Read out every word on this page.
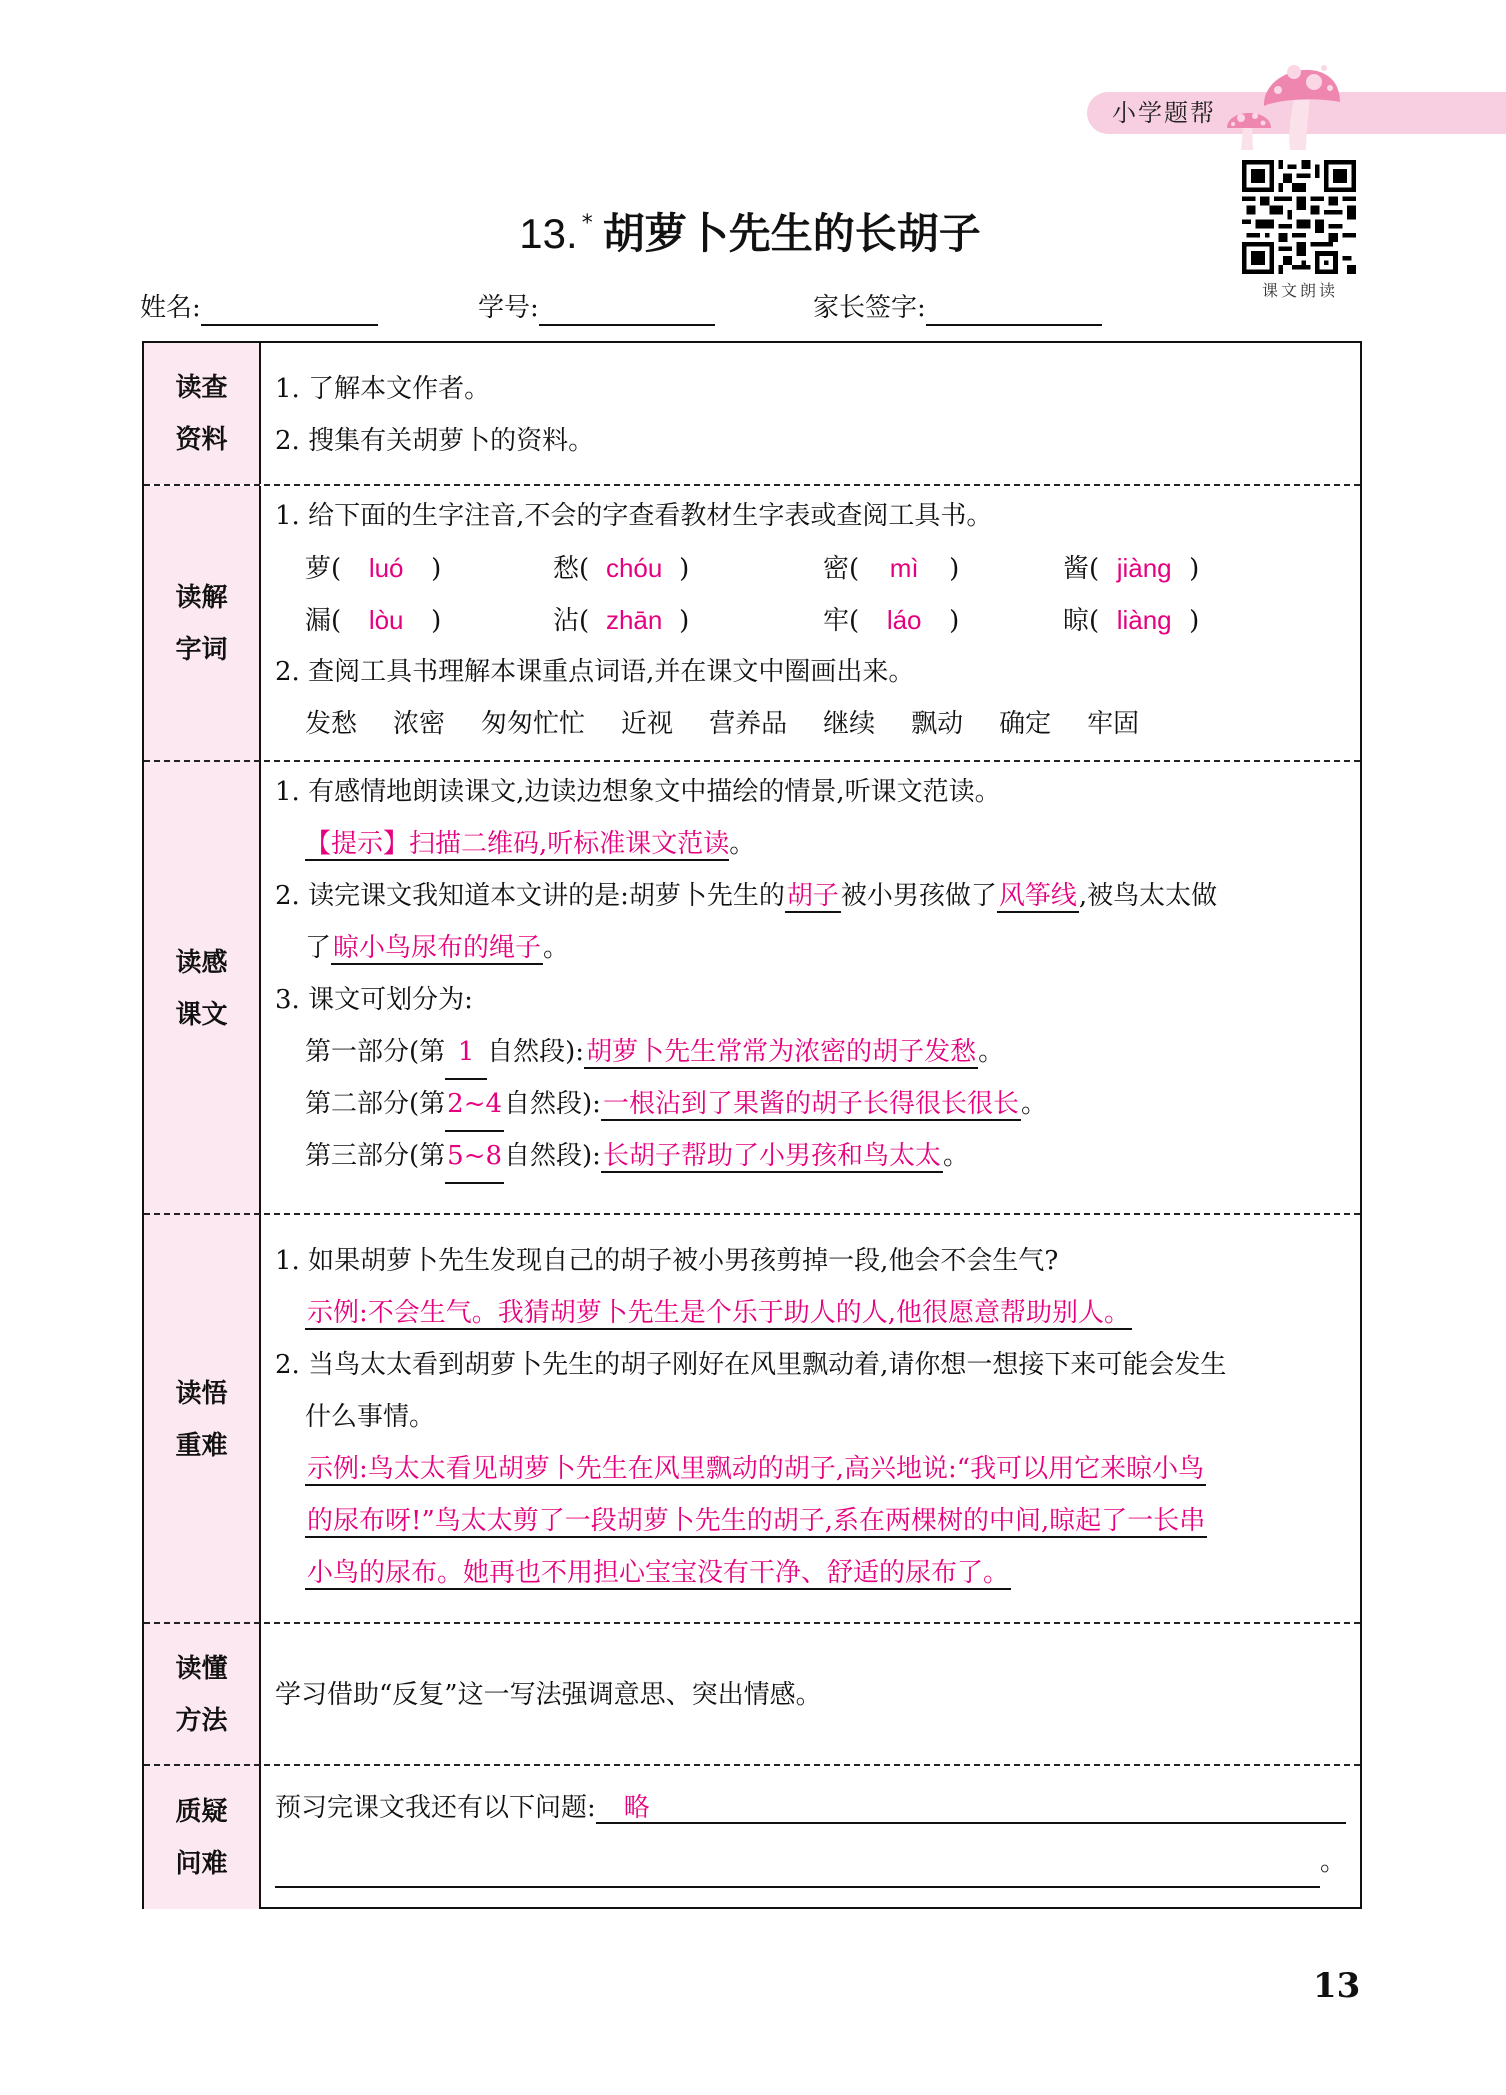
小学题帮
课文朗读
13. * 胡萝卜先生的长胡子
姓名:	学号:	家长签字:
读查
资料
1. 了解本文作者。
2. 搜集有关胡萝卜的资料。
读解
字词
1. 给下面的生字注音,不会的字查看教材生字表或查阅工具书。
萝( luó )	愁( chóu )	密( mì )	酱( jiàng )
漏( lòu )	沾( zhān )	牢( láo )	晾( liàng )
2. 查阅工具书理解本课重点词语,并在课文中圈画出来。
发愁 浓密 匆匆忙忙 近视 营养品 继续 飘动 确定 牢固
读感
课文
1. 有感情地朗读课文,边读边想象文中描绘的情景,听课文范读。
【提示】扫描二维码,听标准课文范读。
2. 读完课文我知道本文讲的是:胡萝卜先生的胡子被小男孩做了风筝线,被鸟太太做
了晾小鸟尿布的绳子。
3. 课文可划分为:
第一部分(第 1 自然段):胡萝卜先生常常为浓密的胡子发愁。
第二部分(第2~4自然段):一根沾到了果酱的胡子长得很长很长。
第三部分(第5~8自然段):长胡子帮助了小男孩和鸟太太。
读悟
重难
1. 如果胡萝卜先生发现自己的胡子被小男孩剪掉一段,他会不会生气?
示例:不会生气。我猜胡萝卜先生是个乐于助人的人,他很愿意帮助别人。
2. 当鸟太太看到胡萝卜先生的胡子刚好在风里飘动着,请你想一想接下来可能会发生
什么事情。
示例:鸟太太看见胡萝卜先生在风里飘动的胡子,高兴地说:“我可以用它来晾小鸟
的尿布呀!”鸟太太剪了一段胡萝卜先生的胡子,系在两棵树的中间,晾起了一长串
小鸟的尿布。她再也不用担心宝宝没有干净、舒适的尿布了。
读懂
方法
学习借助“反复”这一写法强调意思、突出情感。
质疑
问难
预习完课文我还有以下问题:	略
。
13
